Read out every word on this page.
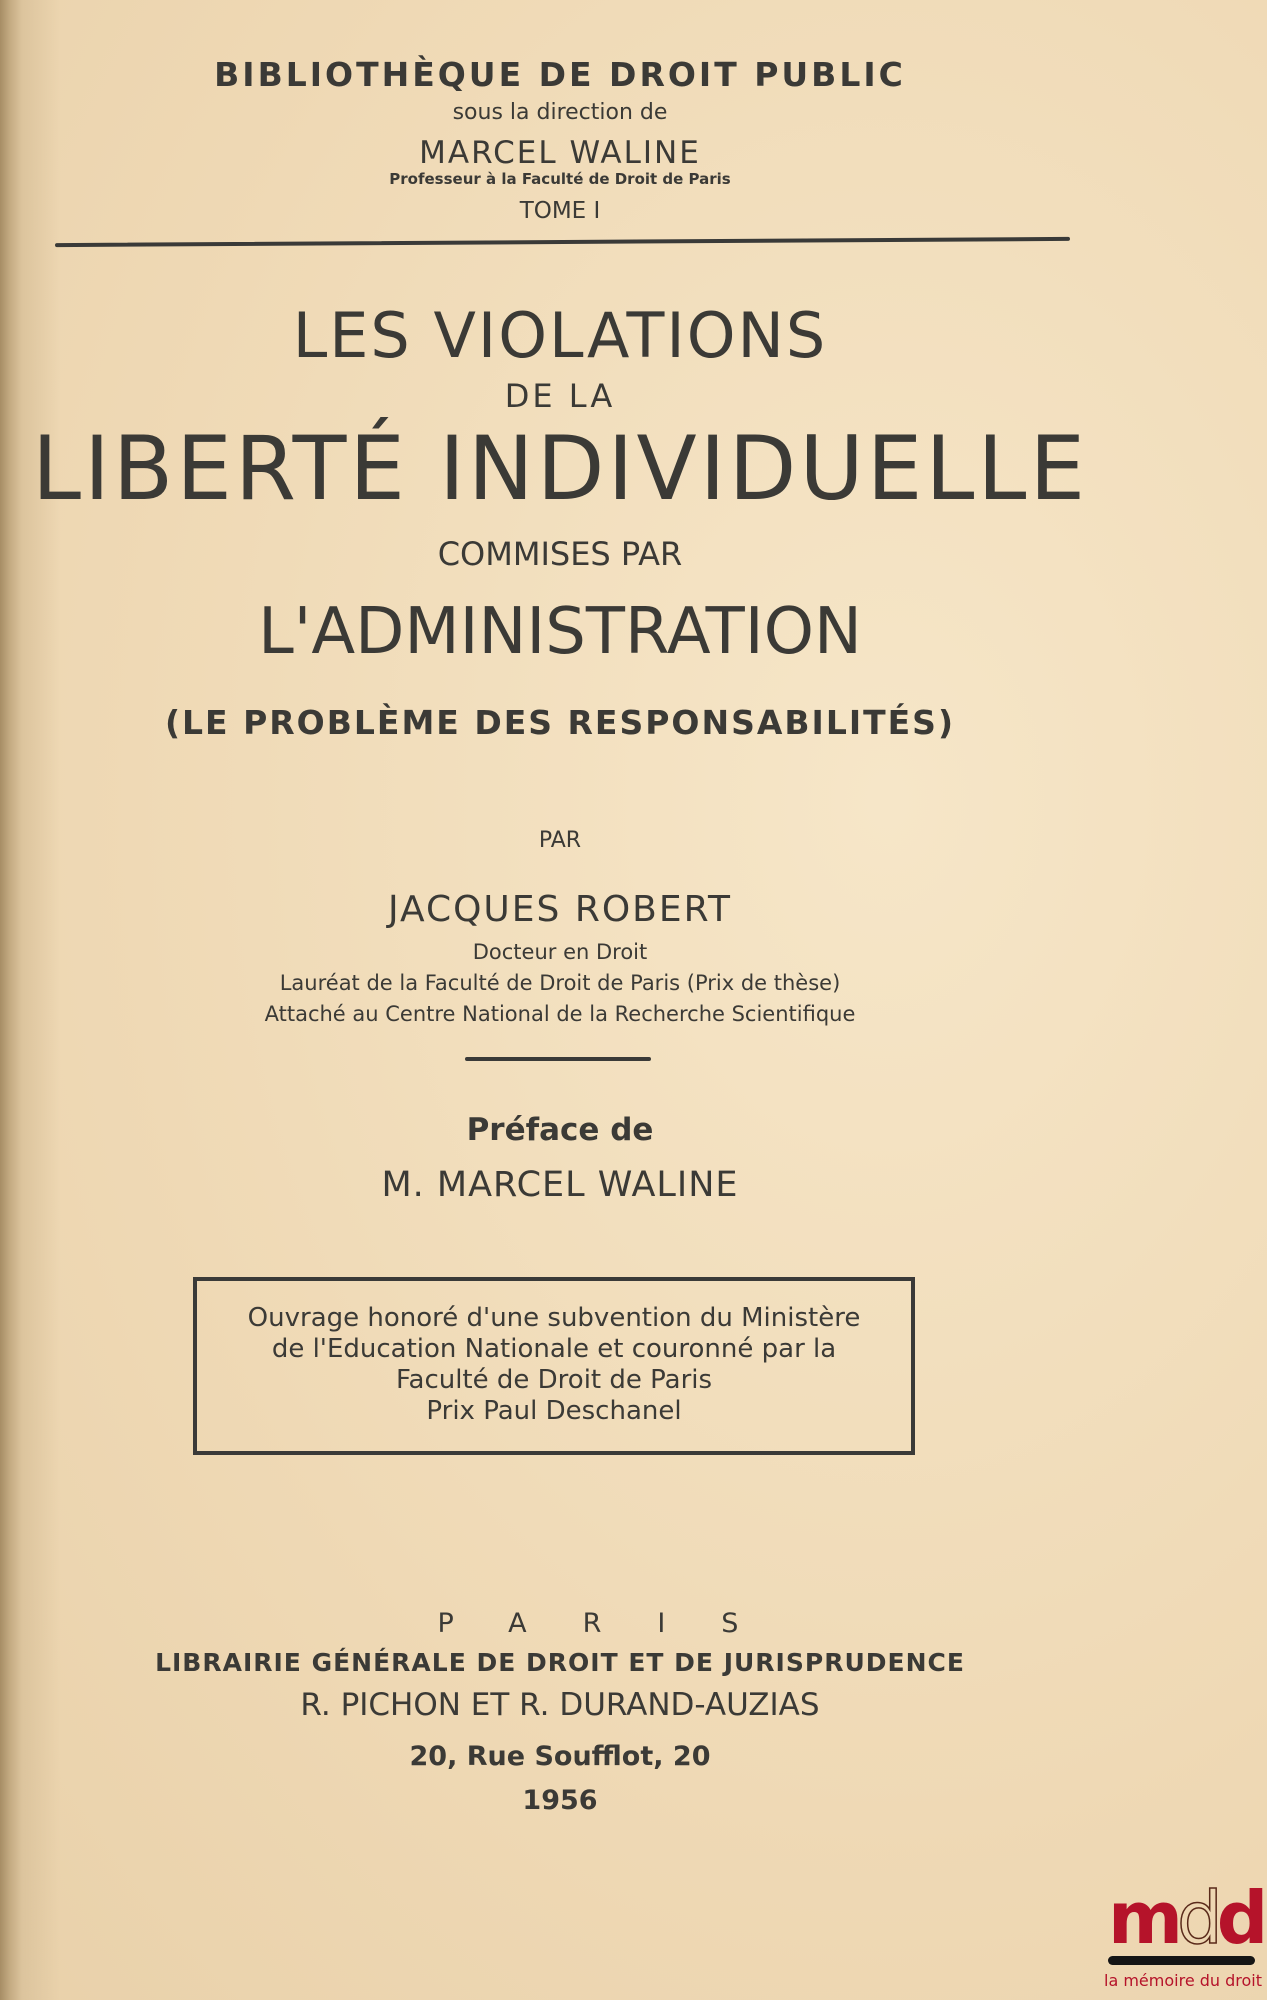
BIBLIOTHÈQUE DE DROIT PUBLIC
sous la direction de
MARCEL WALINE
Professeur à la Faculté de Droit de Paris
TOME I
LES VIOLATIONS
DE LA
LIBERTÉ INDIVIDUELLE
COMMISES PAR
L'ADMINISTRATION
(LE PROBLÈME DES RESPONSABILITÉS)
PAR
JACQUES ROBERT
Docteur en Droit
Lauréat de la Faculté de Droit de Paris (Prix de thèse)
Attaché au Centre National de la Recherche Scientifique
Préface de
M. MARCEL WALINE
Ouvrage honoré d'une subvention du Ministère
de l'Education Nationale et couronné par la
Faculté de Droit de Paris
Prix Paul Deschanel
PARIS
LIBRAIRIE GÉNÉRALE DE DROIT ET DE JURISPRUDENCE
R. PICHON ET R. DURAND-AUZIAS
20, Rue Soufflot, 20
1956
mdd
la mémoire du droit
